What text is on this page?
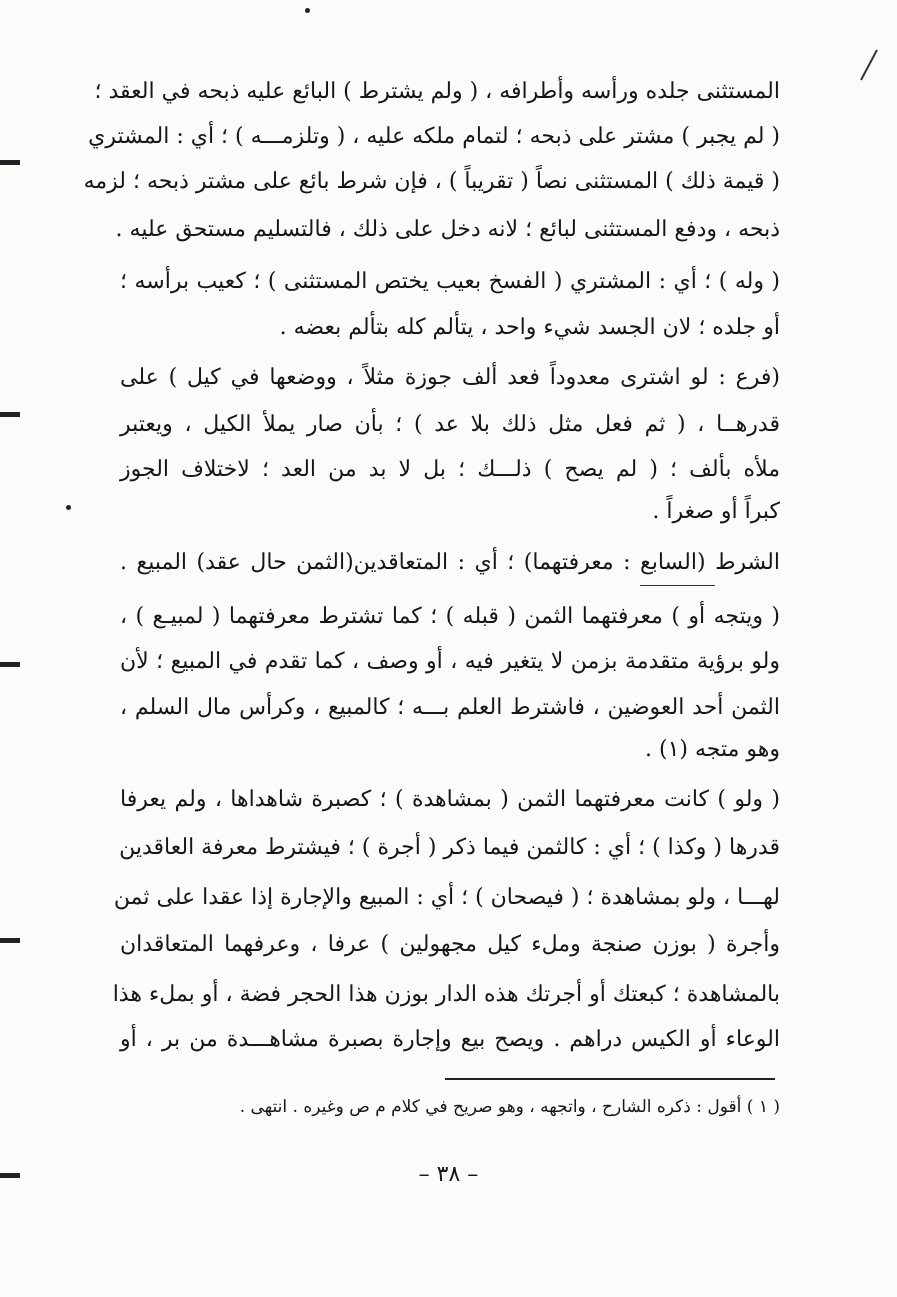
المستثنى جلده ورأسه وأطرافه ، ( ولم يشترط ) البائع عليه ذبحه في العقد ؛
( لم يجبر ) مشتر على ذبحه ؛ لتمام ملكه عليه ، ( وتلزمـــه ) ؛ أي : المشتري
( قيمة ذلك ) المستثنى نصاً ( تقريباً ) ، فإن شرط بائع على مشتر ذبحه ؛ لزمه
ذبحه ، ودفع المستثنى لبائع ؛ لانه دخل على ذلك ، فالتسليم مستحق عليه .
( وله ) ؛ أي : المشتري ( الفسخ بعيب يختص المستثنى ) ؛ كعيب برأسه ؛
أو جلده ؛ لان الجسد شيء واحد ، يتألم كله بتألم بعضه .
(فرع : لو اشترى معدوداً فعد ألف جوزة مثلاً ، ووضعها في كيل ) على
قدرهــا ، ( ثم فعل مثل ذلك بلا عد ) ؛ بأن صار يملأ الكيل ، ويعتبر
ملأه بألف ؛ ( لم يصح ) ذلـــك ؛ بل لا بد من العد ؛ لاختلاف الجوز
كبراً أو صغراً .
الشرط (السابع : معرفتهما) ؛ أي : المتعاقدين(الثمن حال عقد) المبيع .
( ويتجه أو ) معرفتهما الثمن ( قبله ) ؛ كما تشترط معرفتهما ( لمبيـع ) ،
ولو برؤية متقدمة بزمن لا يتغير فيه ، أو وصف ، كما تقدم في المبيع ؛ لأن
الثمن أحد العوضين ، فاشترط العلم بـــه ؛ كالمبيع ، وكرأس مال السلم ،
وهو متجه (١) .
( ولو ) كانت معرفتهما الثمن ( بمشاهدة ) ؛ كصبرة شاهداها ، ولم يعرفا
قدرها ( وكذا ) ؛ أي : كالثمن فيما ذكر ( أجرة ) ؛ فيشترط معرفة العاقدين
لهـــا ، ولو بمشاهدة ؛ ( فيصحان ) ؛ أي : المبيع والإجارة إذا عقدا على ثمن
وأجرة ( بوزن صنجة وملء كيل مجهولين ) عرفا ، وعرفهما المتعاقدان
بالمشاهدة ؛ كبعتك أو أجرتك هذه الدار بوزن هذا الحجر فضة ، أو بملء هذا
الوعاء أو الكيس دراهم . ويصح بيع وإجارة بصبرة مشاهـــدة من بر ، أو
( ١ ) أقول : ذكره الشارح ، واتجهه ، وهو صريح في كلام م ص وغيره . انتهى .
– ٣٨ –
